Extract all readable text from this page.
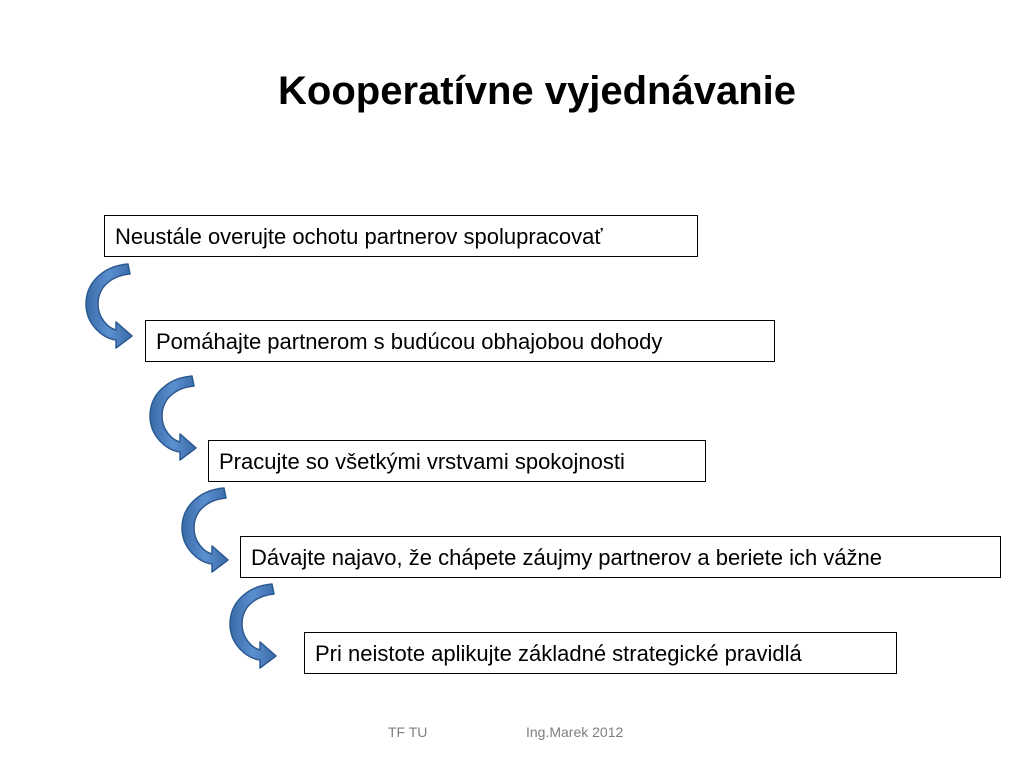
Kooperatívne vyjednávanie
Neustále overujte ochotu partnerov spolupracovať
Pomáhajte partnerom s budúcou obhajobou dohody
Pracujte so všetkými vrstvami spokojnosti
Dávajte najavo, že chápete záujmy partnerov a beriete ich vážne
Pri neistote aplikujte základné strategické pravidlá
TF TU	Ing.Marek 2012
